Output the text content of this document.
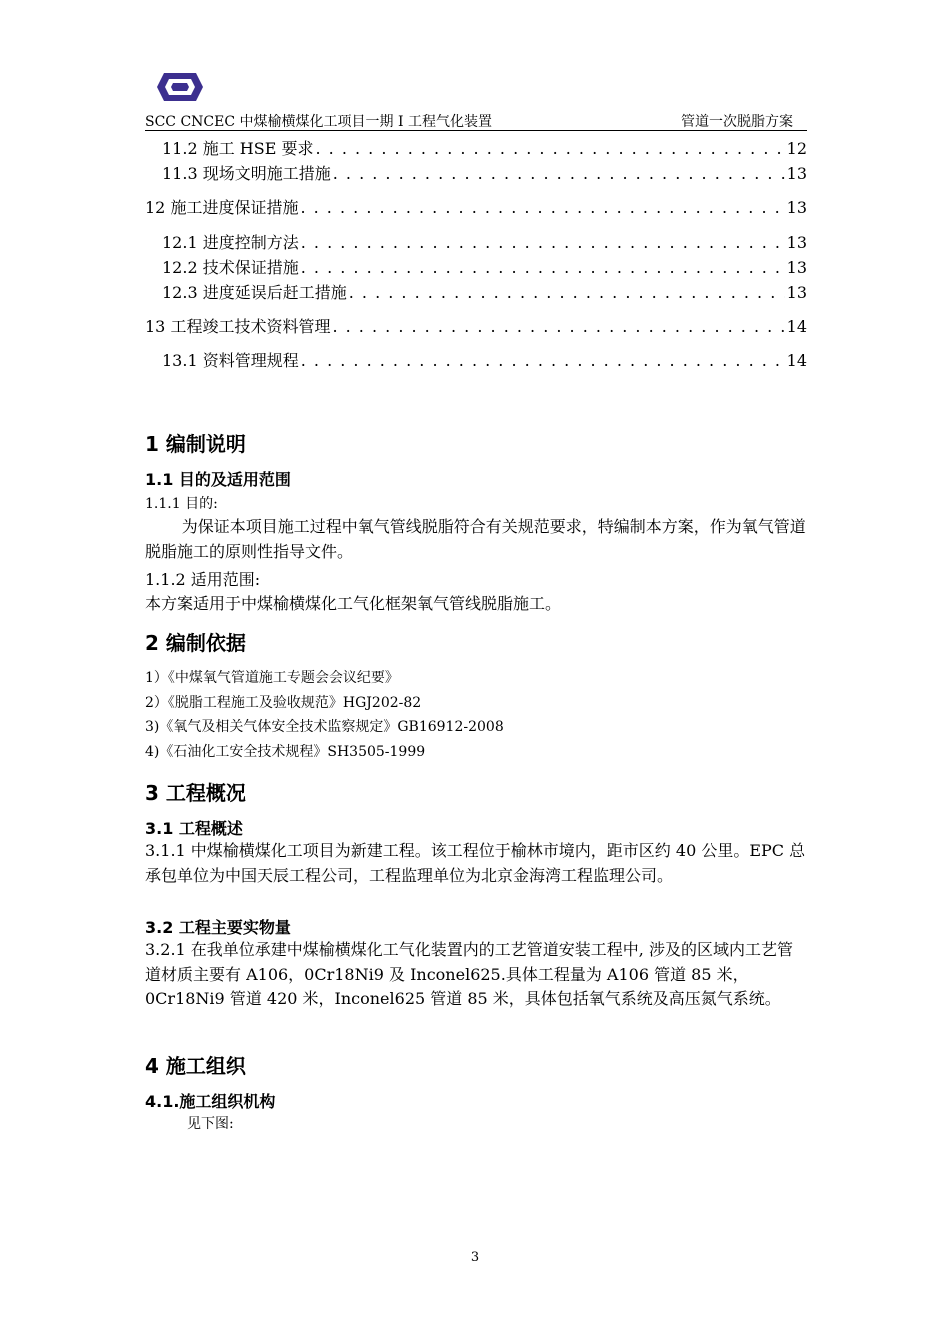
SCC CNCEC 中煤榆横煤化工项目一期 I 工程气化装置	管道一次脱脂方案
11.2 施工 HSE 要求 . . .	12
11.3 现场文明施工措施 . . .	13
12 施工进度保证措施 . . .	13
12.1 进度控制方法 . . .	13
12.2 技术保证措施 . . .	13
12.3 进度延误后赶工措施 . . .	13
13 工程竣工技术资料管理 . . .	14
13.1 资料管理规程 . . .	14
1 编制说明
1.1 目的及适用范围
1.1.1 目的:
为保证本项目施工过程中氧气管线脱脂符合有关规范要求，特编制本方案，作为氧气管道脱脂施工的原则性指导文件。
1.1.2 适用范围:
本方案适用于中煤榆横煤化工气化框架氧气管线脱脂施工。
2 编制依据
1）《中煤氧气管道施工专题会会议纪要》
2）《脱脂工程施工及验收规范》HGJ202-82
3)《氧气及相关气体安全技术监察规定》GB16912-2008
4)《石油化工安全技术规程》SH3505-1999
3 工程概况
3.1 工程概述
3.1.1 中煤榆横煤化工项目为新建工程。该工程位于榆林市境内，距市区约 40 公里。EPC 总承包单位为中国天辰工程公司，工程监理单位为北京金海湾工程监理公司。
3.2 工程主要实物量
3.2.1 在我单位承建中煤榆横煤化工气化装置内的工艺管道安装工程中, 涉及的区域内工艺管道材质主要有 A106，0Cr18Ni9 及 Inconel625.具体工程量为 A106 管道 85 米，0Cr18Ni9 管道 420 米，Inconel625 管道 85 米，具体包括氧气系统及高压氮气系统。
4 施工组织
4.1.施工组织机构
见下图:
3
